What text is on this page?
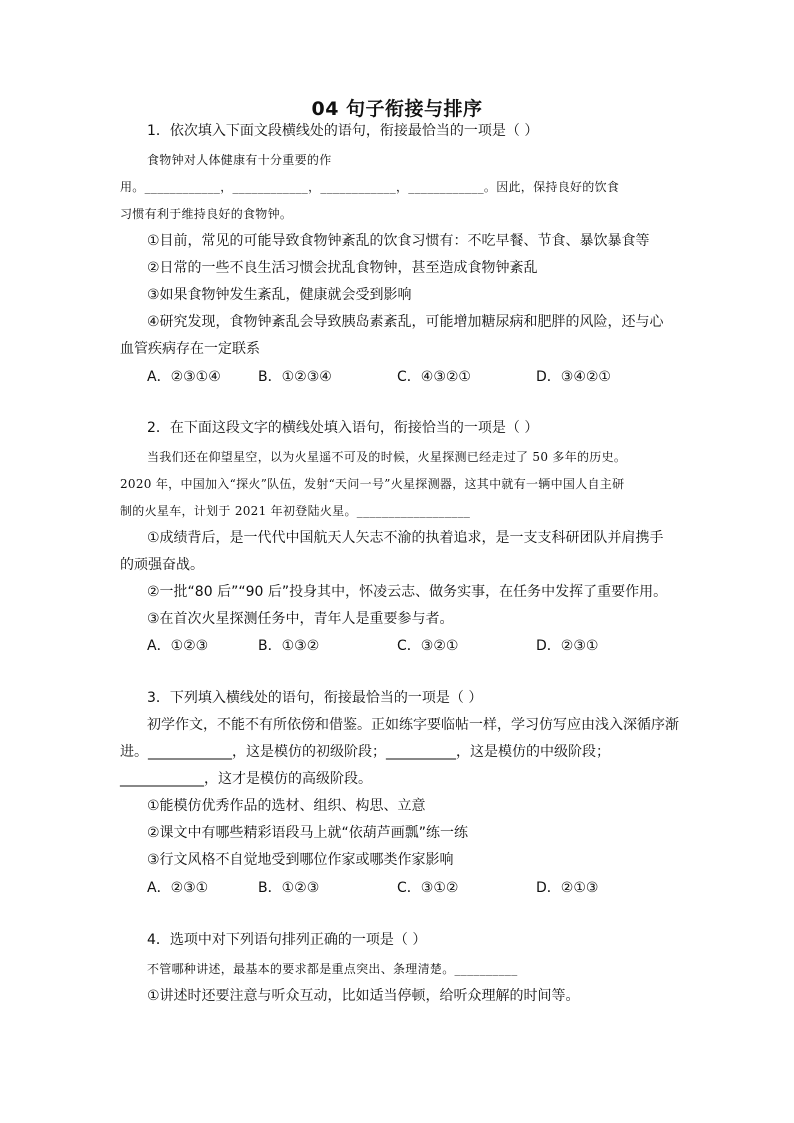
04 句子衔接与排序
1．依次填入下面文段横线处的语句，衔接最恰当的一项是（ ）
食物钟对人体健康有十分重要的作
用。____________，____________，____________，____________。因此，保持良好的饮食
习惯有利于维持良好的食物钟。
①目前，常见的可能导致食物钟紊乱的饮食习惯有：不吃早餐、节食、暴饮暴食等
②日常的一些不良生活习惯会扰乱食物钟，甚至造成食物钟紊乱
③如果食物钟发生紊乱，健康就会受到影响
④研究发现，食物钟紊乱会导致胰岛素紊乱，可能增加糖尿病和肥胖的风险，还与心
血管疾病存在一定联系
A．②③①④	B．①②③④	C．④③②①	D．③④②①
2．在下面这段文字的横线处填入语句，衔接恰当的一项是（ ）
当我们还在仰望星空，以为火星遥不可及的时候，火星探测已经走过了 50 多年的历史。
2020 年，中国加入“探火”队伍，发射“天问一号”火星探测器，这其中就有一辆中国人自主研
制的火星车，计划于 2021 年初登陆火星。__________________
①成绩背后，是一代代中国航天人矢志不渝的执着追求，是一支支科研团队并肩携手
的顽强奋战。
②一批“80 后”“90 后”投身其中，怀凌云志、做务实事，在任务中发挥了重要作用。
③在首次火星探测任务中，青年人是重要参与者。
A．①②③	B．①③②	C．③②①	D．②③①
3．下列填入横线处的语句，衔接最恰当的一项是（ ）
初学作文，不能不有所依傍和借鉴。正如练字要临帖一样，学习仿写应由浅入深循序渐
进。____________，这是模仿的初级阶段；__________，这是模仿的中级阶段；
____________，这才是模仿的高级阶段。
①能模仿优秀作品的选材、组织、构思、立意
②课文中有哪些精彩语段马上就“依葫芦画瓢”练一练
③行文风格不自觉地受到哪位作家或哪类作家影响
A．②③①	B．①②③	C．③①②	D．②①③
4．选项中对下列语句排列正确的一项是（ ）
不管哪种讲述，最基本的要求都是重点突出、条理清楚。__________
①讲述时还要注意与听众互动，比如适当停顿，给听众理解的时间等。
